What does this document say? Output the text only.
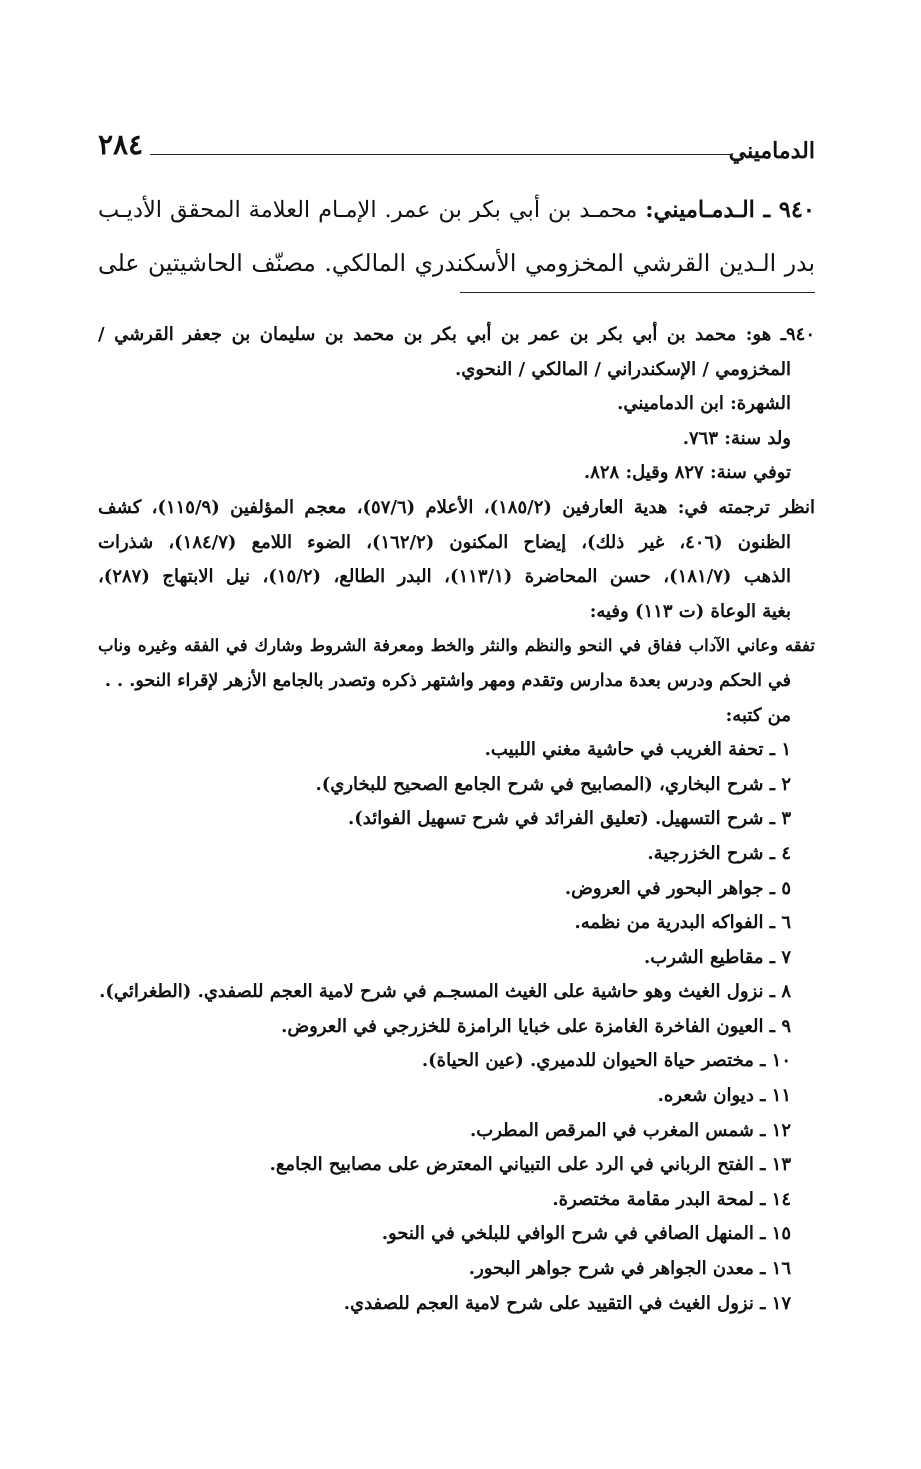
الدماميني
٢٨٤
٩٤٠ ـ الـدمـاميني: محمـد بن أبي بكر بن عمر. الإمـام العلامة المحقق الأديـب
بدر الـدين القرشي المخزومي الأسكندري المالكي. مصنّف الحاشيتين على
٩٤٠ـ هو: محمد بن أبي بكر بن عمر بن أبي بكر بن محمد بن سليمان بن جعفر القرشي /
المخزومي / الإسكندراني / المالكي / النحوي.
الشهرة: ابن الدماميني.
ولد سنة: ٧٦٣.
توفي سنة: ٨٢٧ وقيل: ٨٢٨.
انظر ترجمته في: هدية العارفين (١٨٥/٢)، الأعلام (٥٧/٦)، معجم المؤلفين (١١٥/٩)، كشف
الظنون (٤٠٦، غير ذلك)، إيضاح المكنون (١٦٢/٢)، الضوء اللامع (١٨٤/٧)، شذرات
الذهب (١٨١/٧)، حسن المحاضرة (١١٣/١)، البدر الطالع، (١٥/٢)، نيل الابتهاج (٢٨٧)،
بغية الوعاة (ت ١١٣) وفيه:
تفقه وعاني الآداب ففاق في النحو والنظم والنثر والخط ومعرفة الشروط وشارك في الفقه وغيره وناب
في الحكم ودرس بعدة مدارس وتقدم ومهر واشتهر ذكره وتصدر بالجامع الأزهر لإقراء النحو. . .
من كتبه:
١ ـ تحفة الغريب في حاشية مغني اللبيب.
٢ ـ شرح البخاري، (المصابيح في شرح الجامع الصحيح للبخاري).
٣ ـ شرح التسهيل. (تعليق الفرائد في شرح تسهيل الفوائد).
٤ ـ شرح الخزرجية.
٥ ـ جواهر البحور في العروض.
٦ ـ الفواكه البدرية من نظمه.
٧ ـ مقاطيع الشرب.
٨ ـ نزول الغيث وهو حاشية على الغيث المسجـم في شرح لامية العجم للصفدي. (الطغرائي).
٩ ـ العيون الفاخرة الغامزة على خبايا الرامزة للخزرجي في العروض.
١٠ ـ مختصر حياة الحيوان للدميري. (عين الحياة).
١١ ـ ديوان شعره.
١٢ ـ شمس المغرب في المرقص المطرب.
١٣ ـ الفتح الرباني في الرد على التبياني المعترض على مصابيح الجامع.
١٤ ـ لمحة البدر مقامة مختصرة.
١٥ ـ المنهل الصافي في شرح الوافي للبلخي في النحو.
١٦ ـ معدن الجواهر في شرح جواهر البحور.
١٧ ـ نزول الغيث في التقييد على شرح لامية العجم للصفدي.
